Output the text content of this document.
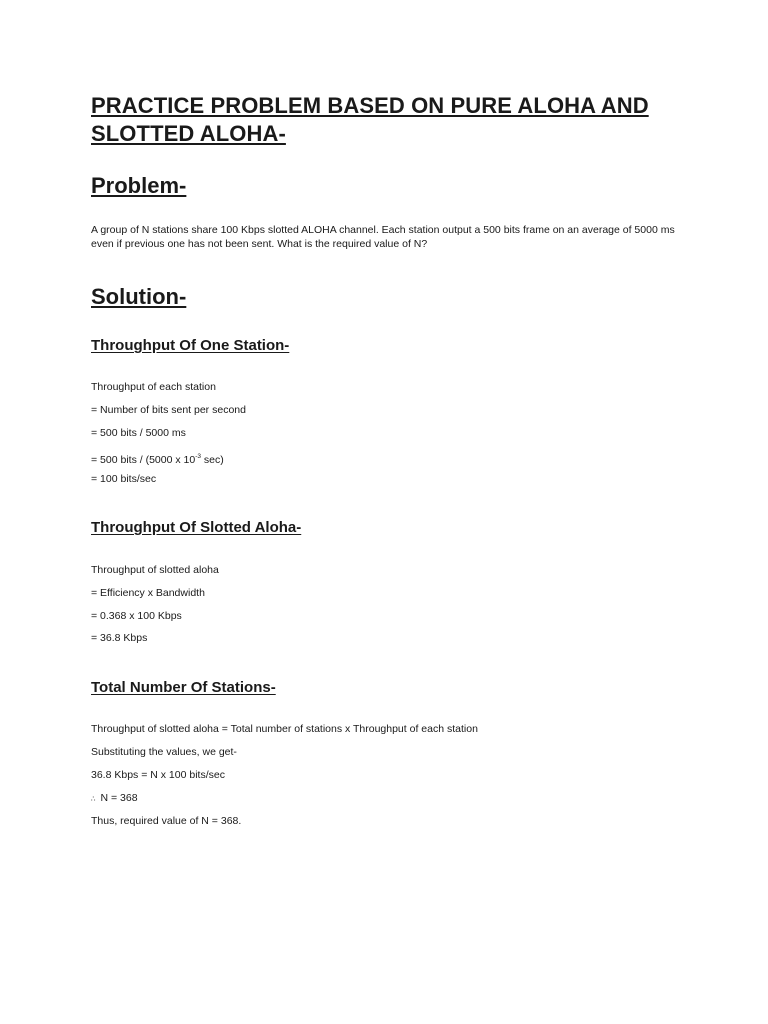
PRACTICE PROBLEM BASED ON PURE ALOHA AND SLOTTED ALOHA-
Problem-

A group of N stations share 100 Kbps slotted ALOHA channel. Each station output a 500 bits frame on an average of 5000 ms even if previous one has not been sent. What is the required value of N?

Solution-
Throughput Of One Station-

Throughput of each station

= Number of bits sent per second

= 500 bits / 5000 ms

= 500 bits / (5000 x $10^{-3}$ sec)

= 100 bits/sec

Throughput Of Slotted Aloha-

Throughput of slotted aloha

= Efficiency x Bandwidth

= 0.368 x 100 Kbps

= 36.8 Kbps

Total Number Of Stations-

Throughput of slotted aloha = Total number of stations x Throughput of each station

Substituting the values, we get-

36.8 Kbps = N x 100 bits/sec

∴ N = 368

Thus, required value of N = 368.
